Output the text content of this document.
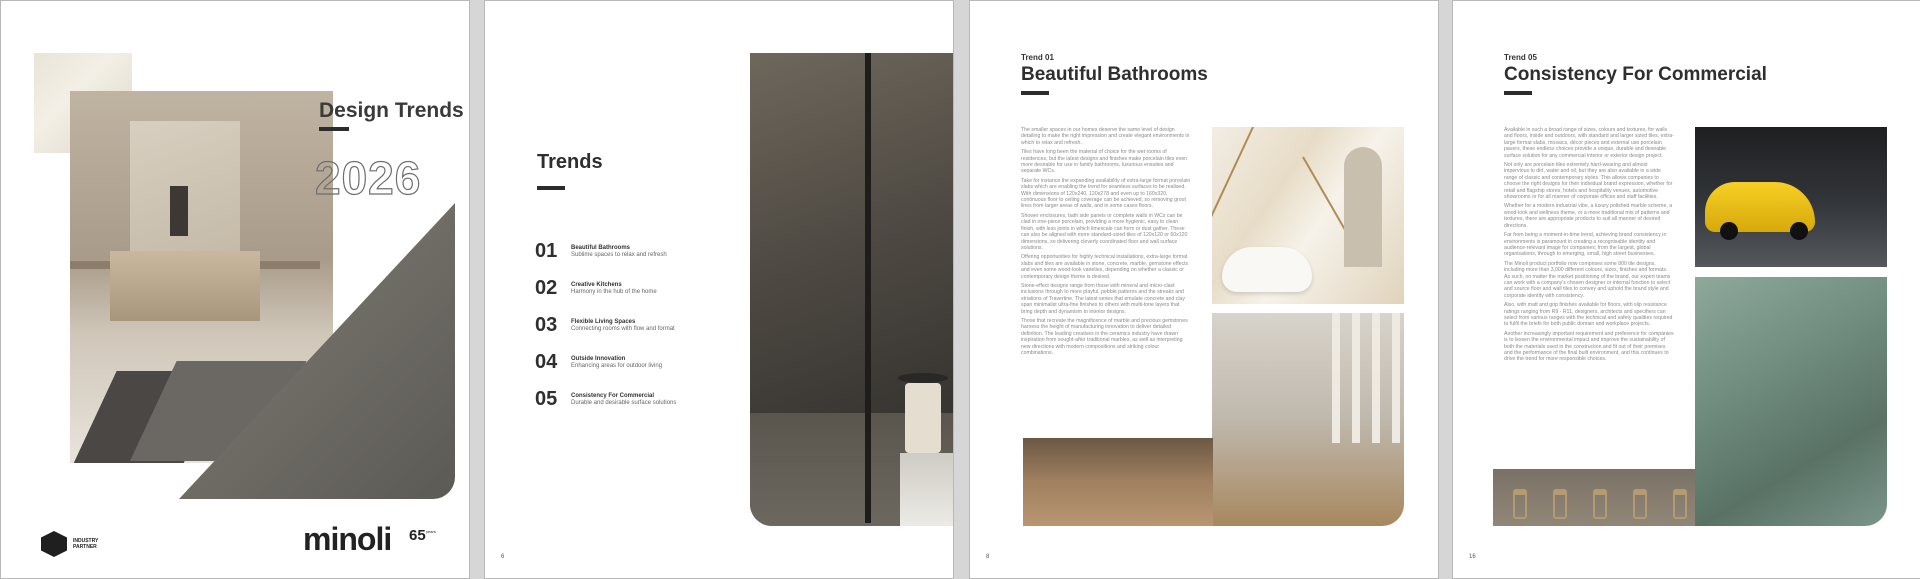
Design Trends
2026
INDUSTRY PARTNER	minoli 65 years
Trends
01	Beautiful Bathrooms
Sublime spaces to relax and refresh
02	Creative Kitchens
Harmony in the hub of the home
03	Flexible Living Spaces
Connecting rooms with flow and format
04	Outside Innovation
Enhancing areas for outdoor living
05	Consistency For Commercial
Durable and desirable surface solutions
6
Trend 01
Beautiful Bathrooms

The smaller spaces in our homes deserve the same level of design detailing to make the right impression and create elegant environments in which to relax and refresh.

Tiles have long been the material of choice for the wet rooms of residences, but the latest designs and finishes make porcelain tiles even more desirable for use in family bathrooms, luxurious ensuites and separate WCs.

Take for instance the expanding availability of extra-large format porcelain slabs which are enabling the trend for seamless surfaces to be realised. With dimensions of 120x240, 120x278 and even up to 160x320, continuous floor to ceiling coverage can be achieved, so removing grout lines from larger areas of walls, and in some cases floors.

Shower enclosures, bath side panels or complete walls in WCs can be clad in one-piece porcelain, providing a more hygienic, easy to clean finish, with less joints in which limescale can form or dust gather. These can also be aligned with more standard-sized tiles of 120x120 or 60x120 dimensions, so delivering cleverly coordinated floor and wall surface solutions.

Offering opportunities for highly technical installations, extra-large format slabs and tiles are available in stone, concrete, marble, gemstone effects and even some wood-look varieties, depending on whether a classic or contemporary design theme is desired.

Stone-effect designs range from those with mineral and micro-clast inclusions through to more playful, pebble patterns and the streaks and striations of Travertine. The latest series that emulate concrete and clay span minimalist ultra-fine finishes to others with multi-tone layers that bring depth and dynamism to interior designs.

Those that recreate the magnificence of marble and precious gemstones harness the height of manufacturing innovation to deliver detailed definition. The leading creatives in the ceramics industry have drawn inspiration from sought-after traditional marbles, as well as interpreting new directions with modern compositions and striking colour combinations.

8
Trend 05
Consistency For Commercial

Available in such a broad range of sizes, colours and textures, for walls and floors, inside and outdoors, with standard and larger sized tiles, extra-large format slabs, mosaics, décor pieces and external use porcelain pavers, these endless choices provide a unique, durable and desirable surface solution for any commercial interior or exterior design project.

Not only are porcelain tiles extremely hard-wearing and almost impervious to dirt, water and oil, but they are also available in a wide range of classic and contemporary styles. This allows companies to choose the right designs for their individual brand expression, whether for retail and flagship stores, hotels and hospitality venues, automotive showrooms or for all manner of corporate offices and staff facilities.

Whether for a modern industrial vibe, a luxury polished marble scheme, a wood-look and wellness theme, or a more traditional mix of patterns and textures, there are appropriate products to suit all manner of desired directions.

Far from being a moment-in-time trend, achieving brand consistency in environments is paramount in creating a recognisable identity and audience-relevant image for companies; from the largest, global organisations, through to emerging, small, high street businesses.

The Minoli product portfolio now comprises some 800 tile designs, including more than 3,000 different colours, sizes, finishes and formats. As such, no matter the market positioning of the brand, our expert teams can work with a company's chosen designer or internal function to select and source floor and wall tiles to convey and uphold the brand style and corporate identity with consistency.

Also, with matt and grip finishes available for floors, with slip resistance ratings ranging from R9 - R11, designers, architects and specifiers can select from various ranges with the technical and safety qualities required to fulfil the briefs for both public domain and workplace projects.

Another increasingly important requirement and preference for companies is to lessen the environmental impact and improve the sustainability of both the materials used in the construction and fit out of their premises and the performance of the final built environment, and this continues to drive the trend for more responsible choices.

16
